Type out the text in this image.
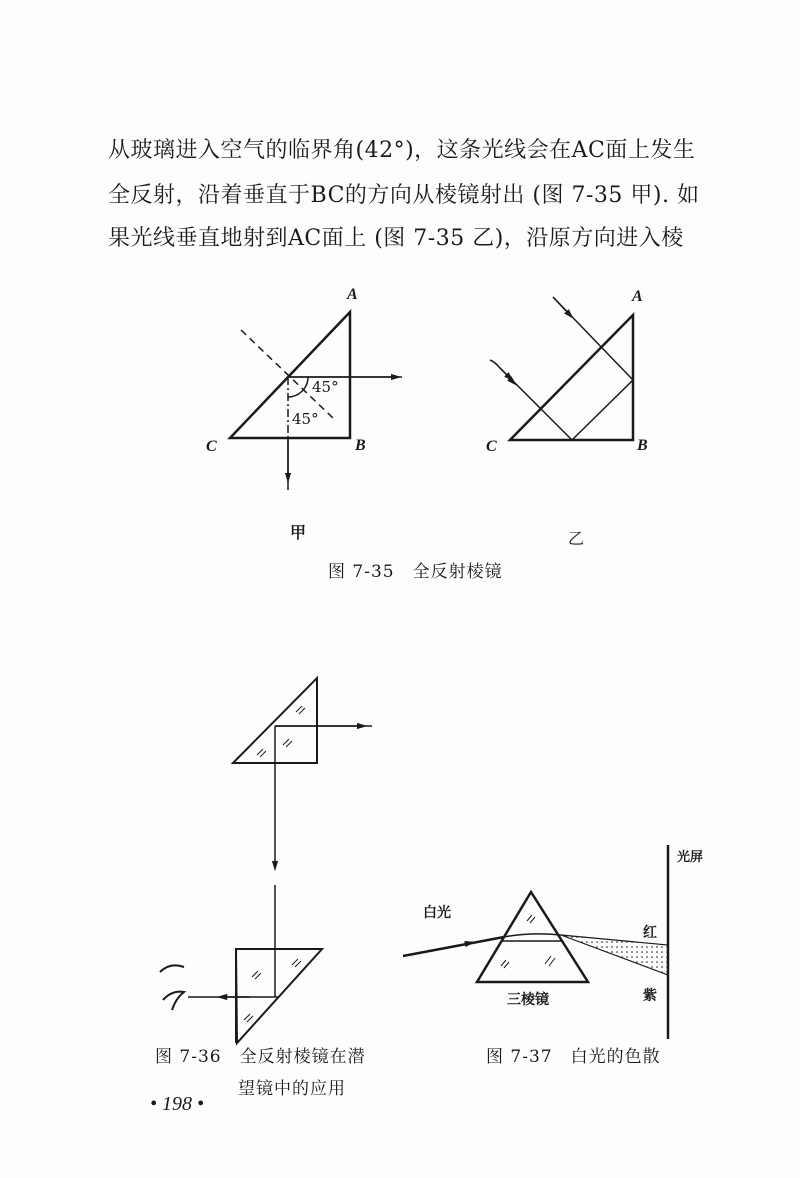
从玻璃进入空气的临界角(42°)，这条光线会在AC面上发生
全反射，沿着垂直于BC的方向从棱镜射出 (图 7-35 甲). 如
果光线垂直地射到AC面上 (图 7-35 乙)，沿原方向进入棱
A
B
C
45°
45°
甲
A
B
C
乙
图 7-35　全反射棱镜
图 7-36　全反射棱镜在潜
望镜中的应用
光屏
白光
红
紫
三棱镜
图 7-37　白光的色散
• 198 •
